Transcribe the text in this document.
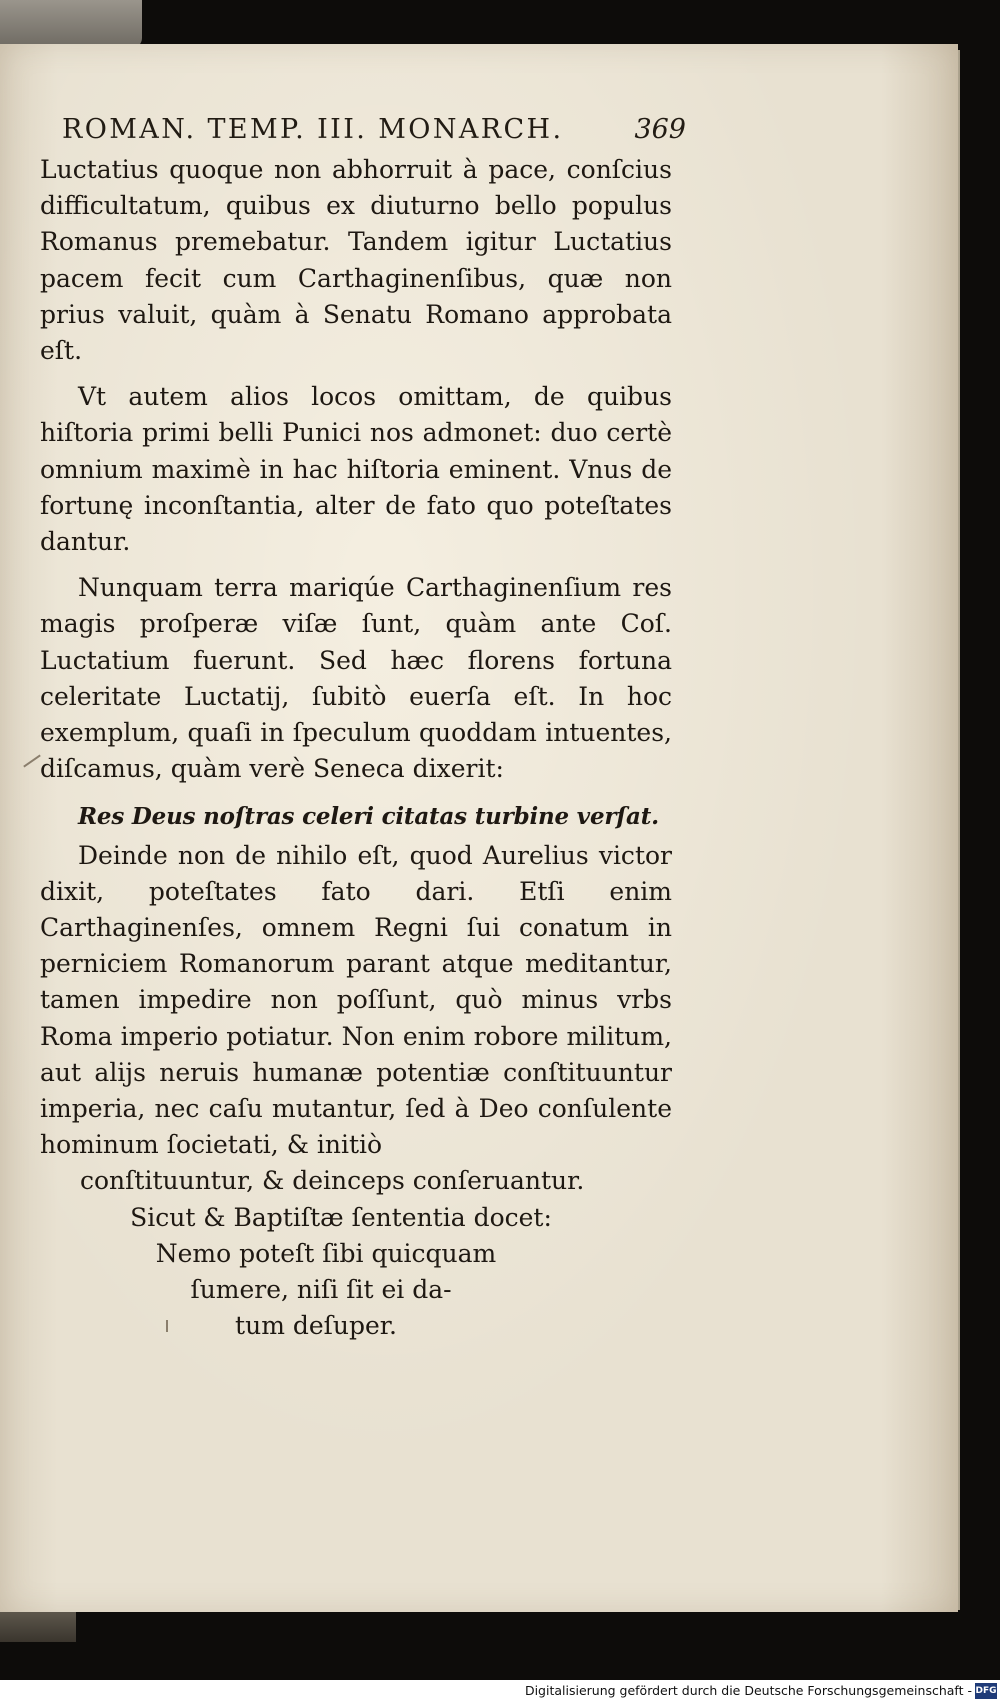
ROMAN. TEMP. III. MONARCH.	369

Luctatius quoque non abhorruit à pace, conſcius difficultatum, quibus ex diuturno bello populus Romanus premebatur. Tandem igitur Luctatius pacem fecit cum Carthaginenſibus, quæ non prius valuit, quàm à Senatu Romano approbata eſt.

Vt autem alios locos omittam, de quibus hiſtoria primi belli Punici nos admonet: duo certè omnium maximè in hac hiſtoria eminent. Vnus de fortunę inconſtantia, alter de fato quo poteſtates dantur.

Nunquam terra mariqúe Carthaginenſium res magis proſperæ viſæ ſunt, quàm ante Coſ. Luctatium fuerunt. Sed hæc florens fortuna celeritate Luctatij, ſubitò euerſa eſt. In hoc exemplum, quaſi in ſpeculum quoddam intuentes, diſcamus, quàm verè Seneca dixerit:

Res Deus noſtras celeri citatas turbine verſat.

Deinde non de nihilo eſt, quod Aurelius victor dixit, poteſtates fato dari. Etſi enim Carthaginenſes, omnem Regni ſui conatum in perniciem Romanorum parant atque meditantur, tamen impedire non poſſunt, quò minus vrbs Roma imperio potiatur. Non enim robore militum, aut alijs neruis humanæ potentiæ conſtituuntur imperia, nec caſu mutantur, ſed à Deo conſulente hominum ſocietati, & initiò

conſtituuntur, & deinceps conſeruantur.

Sicut & Baptiſtæ ſententia docet:

Nemo poteſt ſibi quicquam

ſumere, niſi ſit ei da-

tum deſuper.

Digitalisierung gefördert durch die Deutsche Forschungsgemeinschaft - DFG
